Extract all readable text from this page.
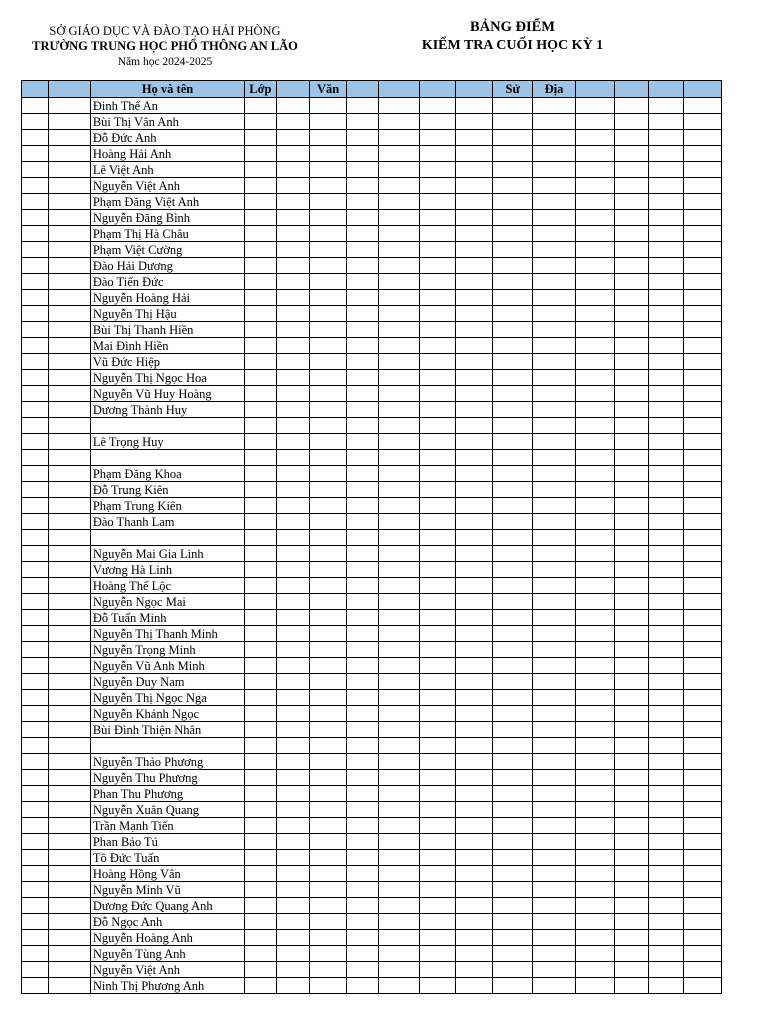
SỞ GIÁO DỤC VÀ ĐÀO TẠO HẢI PHÒNG
TRƯỜNG TRUNG HỌC PHỔ THÔNG AN LÃO
Năm học 2024-2025
BẢNG ĐIỂM
KIỂM TRA CUỐI HỌC KỲ 1
		Họ và tên	Lớp		Văn					Sử	Địa				
		Đinh Thế An													
		Bùi Thị Vân Anh													
		Đỗ Đức Anh													
		Hoàng Hải Anh													
		Lê Việt Anh													
		Nguyễn Việt Anh													
		Phạm Đăng Việt Anh													
		Nguyễn Đăng Bình													
		Phạm Thị Hà Châu													
		Phạm Việt Cường													
		Đào Hải Dương													
		Đào Tiến Đức													
		Nguyễn Hoàng Hải													
		Nguyễn Thị Hậu													
		Bùi Thị Thanh Hiền													
		Mai Đình Hiền													
		Vũ Đức Hiệp													
		Nguyễn Thị Ngọc Hoa													
		Nguyễn Vũ Huy Hoàng													
		Dương Thành Huy													

		Lê Trọng Huy													

		Phạm Đăng Khoa													
		Đỗ Trung Kiên													
		Phạm Trung Kiên													
		Đào Thanh Lam													

		Nguyễn Mai Gia Linh													
		Vương Hà Linh													
		Hoàng Thế Lộc													
		Nguyễn Ngọc Mai													
		Đỗ Tuấn Minh													
		Nguyễn Thị Thanh Minh													
		Nguyễn Trọng Minh													
		Nguyễn Vũ Anh Minh													
		Nguyễn Duy Nam													
		Nguyễn Thị Ngọc Nga													
		Nguyễn Khánh Ngọc													
		Bùi Đình Thiện Nhân													

		Nguyễn Thảo Phương													
		Nguyễn Thu Phương													
		Phan Thu Phương													
		Nguyễn Xuân Quang													
		Trần Mạnh Tiến													
		Phan Bảo Tú													
		Tô Đức Tuấn													
		Hoàng Hồng Vân													
		Nguyễn Minh Vũ													
		Dương Đức Quang Anh													
		Đỗ Ngọc Anh													
		Nguyễn Hoàng Anh													
		Nguyễn Tùng Anh													
		Nguyễn Việt Anh													
		Ninh Thị Phương Anh													
